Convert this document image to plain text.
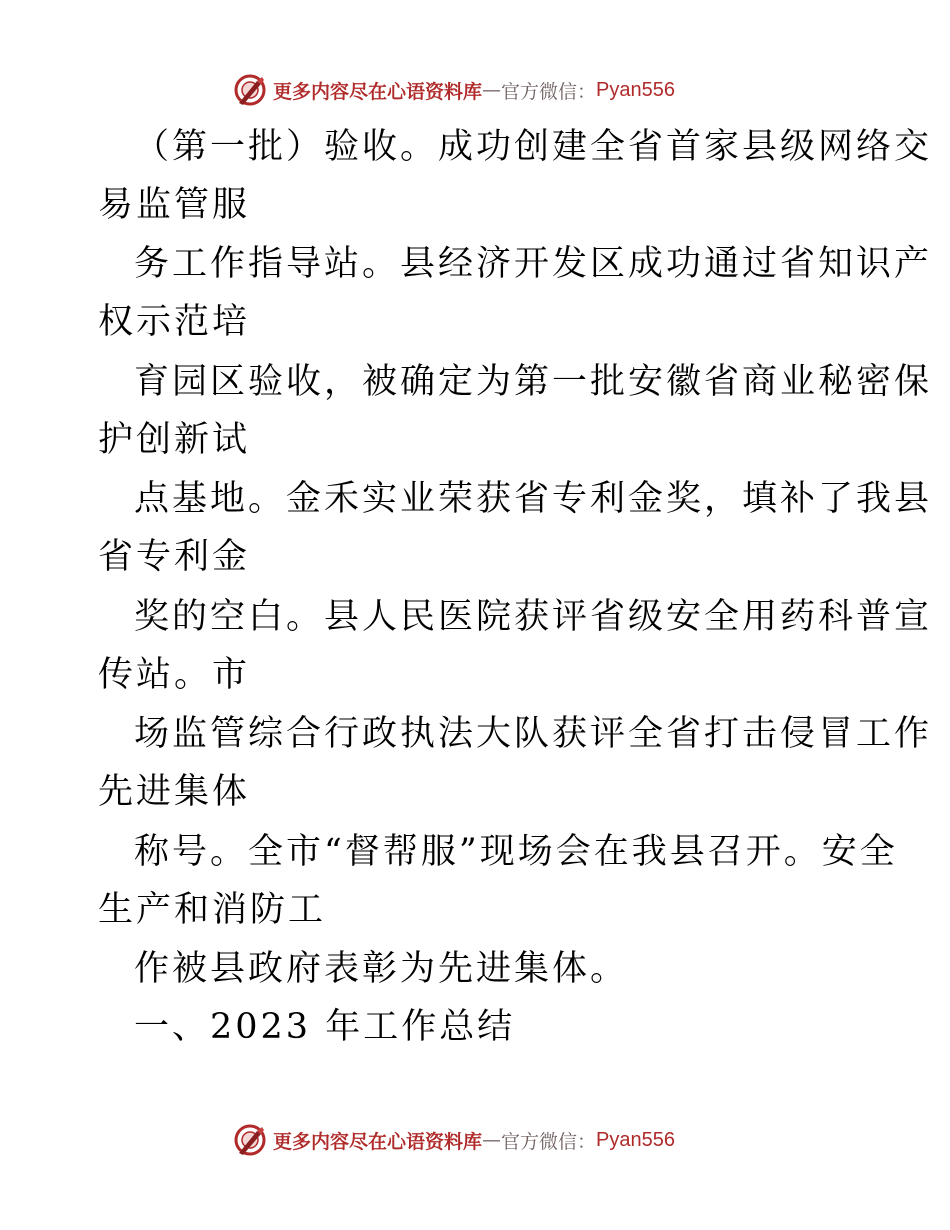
更多内容尽在心语资料库 — 官方微信： Pyan556
（第一批）验收。成功创建全省首家县级网络交
易监管服
务工作指导站。县经济开发区成功通过省知识产
权示范培
育园区验收，被确定为第一批安徽省商业秘密保
护创新试
点基地。金禾实业荣获省专利金奖，填补了我县
省专利金
奖的空白。县人民医院获评省级安全用药科普宣
传站。市
场监管综合行政执法大队获评全省打击侵冒工作
先进集体
称号。全市“督帮服”现场会在我县召开。安全
生产和消防工
作被县政府表彰为先进集体。
一、2023 年工作总结
更多内容尽在心语资料库 — 官方微信： Pyan556
